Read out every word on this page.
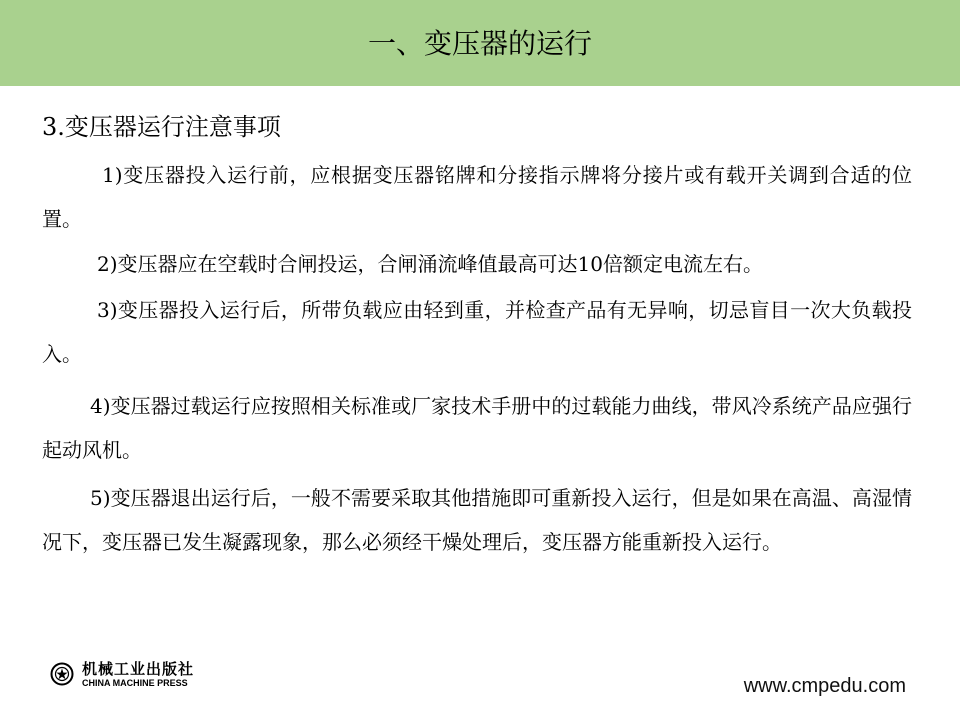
一、变压器的运行
3.变压器运行注意事项

1)变压器投入运行前，应根据变压器铭牌和分接指示牌将分接片或有载开关调到合适的位置。

2)变压器应在空载时合闸投运，合闸涌流峰值最高可达10倍额定电流左右。

3)变压器投入运行后，所带负载应由轻到重，并检查产品有无异响，切忌盲目一次大负载投入。

4)变压器过载运行应按照相关标准或厂家技术手册中的过载能力曲线，带风冷系统产品应强行起动风机。

5)变压器退出运行后，一般不需要采取其他措施即可重新投入运行，但是如果在高温、高湿情况下，变压器已发生凝露现象，那么必须经干燥处理后，变压器方能重新投入运行。

机械工业出版社
CHINA MACHINE PRESS	www.cmpedu.com
